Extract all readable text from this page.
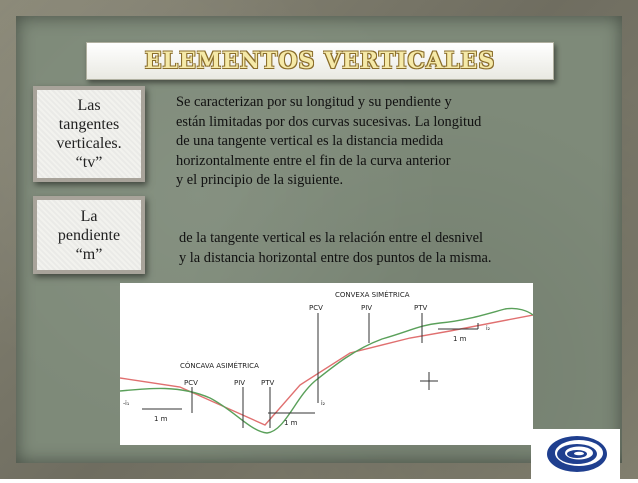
ELEMENTOS VERTICALES
Las
tangentes
verticales.
“tv”
La
pendiente
“m”
Se caracterizan por su longitud y su pendiente y
están limitadas por dos curvas sucesivas. La longitud
de una tangente vertical es la distancia medida
horizontalmente entre el fin de la curva anterior
y el principio de la siguiente.
de la tangente vertical es la relación entre el desnivel
y la distancia horizontal entre dos puntos de la misma.
CONVEXA SIMÉTRICA
PCV	PIV	PTV
i₂
1 m
CÓNCAVA ASIMÉTRICA
PCV	PIV PTV
-i₁	i₂
1 m	1 m
